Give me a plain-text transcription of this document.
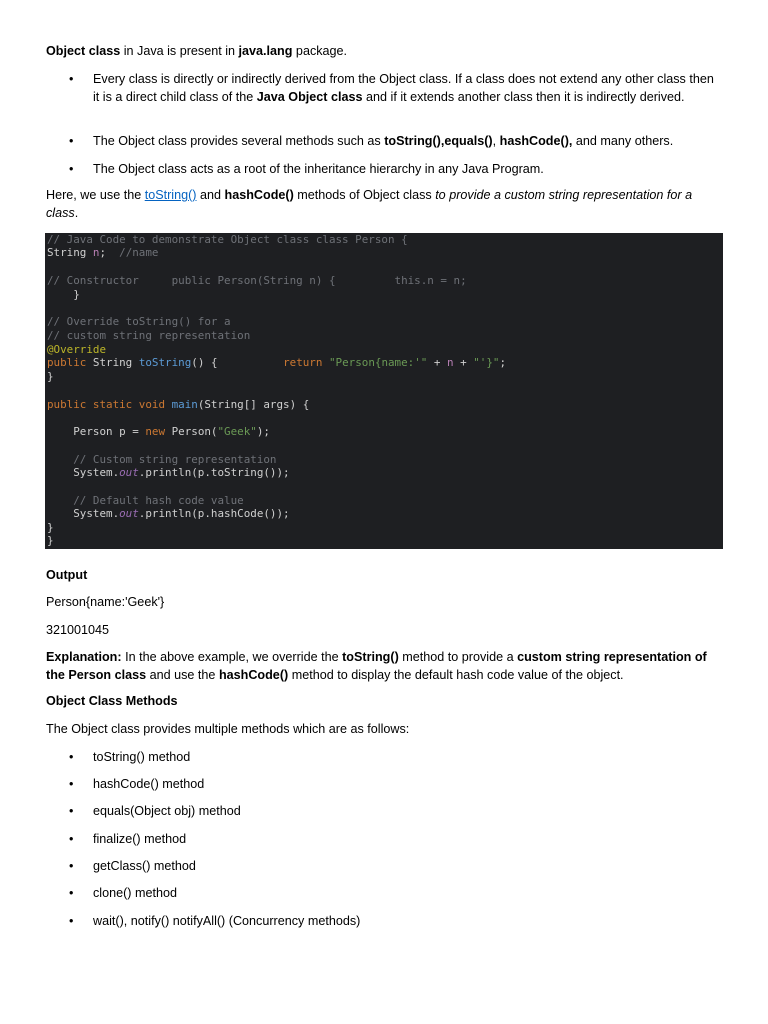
Object class in Java is present in java.lang package.
• Every class is directly or indirectly derived from the Object class. If a class does not extend any other class then it is a direct child class of the Java Object class and if it extends another class then it is indirectly derived.
• The Object class provides several methods such as toString(),equals(), hashCode(), and many others.
• The Object class acts as a root of the inheritance hierarchy in any Java Program.
Here, we use the toString() and hashCode() methods of Object class to provide a custom string representation for a class.
// Java Code to demonstrate Object class class Person {
String n;  //name
// Constructor     public Person(String n) {         this.n = n;
}
// Override toString() for a
// custom string representation
@Override
public String toString() {          return "Person{name:'" + n + "'}";
}
public static void main(String[] args) {
Person p = new Person("Geek");
// Custom string representation
System.out.println(p.toString());
// Default hash code value
System.out.println(p.hashCode());
}
}
Output
Person{name:'Geek'}
321001045
Explanation: In the above example, we override the toString() method to provide a custom string representation of the Person class and use the hashCode() method to display the default hash code value of the object.
Object Class Methods
The Object class provides multiple methods which are as follows:
• toString() method
• hashCode() method
• equals(Object obj) method
• finalize() method
• getClass() method
• clone() method
• wait(), notify() notifyAll() (Concurrency methods)
